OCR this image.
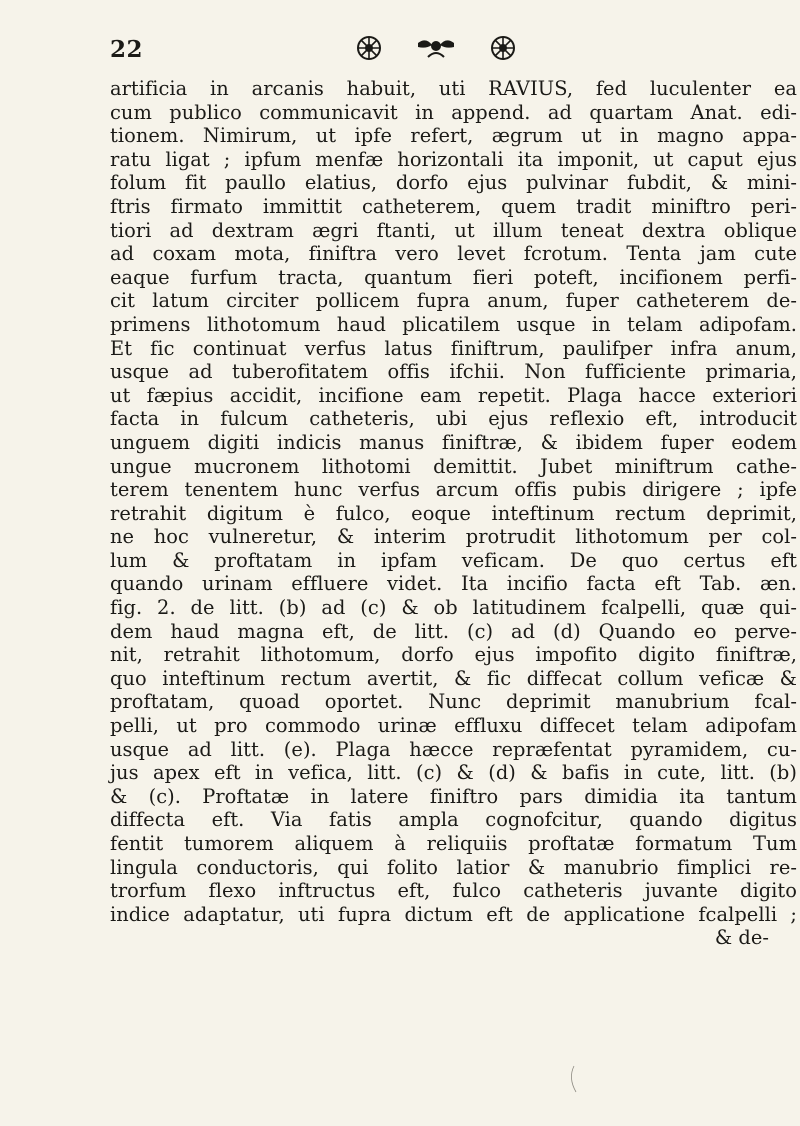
22
artificia in arcanis habuit, uti RAVIUS, fed luculenter ea
cum publico communicavit in append. ad quartam Anat. edi-
tionem. Nimirum, ut ipfe refert, ægrum ut in magno appa-
ratu ligat ; ipfum menfæ horizontali ita imponit, ut caput ejus
folum fit paullo elatius, dorfo ejus pulvinar fubdit, & mini-
ftris firmato immittit catheterem, quem tradit miniftro peri-
tiori ad dextram ægri ftanti, ut illum teneat dextra oblique
ad coxam mota, finiftra vero levet fcrotum. Tenta jam cute
eaque furfum tracta, quantum fieri poteft, incifionem perfi-
cit latum circiter pollicem fupra anum, fuper catheterem de-
primens lithotomum haud plicatilem usque in telam adipofam.
Et fic continuat verfus latus finiftrum, paulifper infra anum,
usque ad tuberofitatem offis ifchii. Non fufficiente primaria,
ut fæpius accidit, incifione eam repetit. Plaga hacce exteriori
facta in fulcum catheteris, ubi ejus reflexio eft, introducit
unguem digiti indicis manus finiftræ, & ibidem fuper eodem
ungue mucronem lithotomi demittit. Jubet miniftrum cathe-
terem tenentem hunc verfus arcum offis pubis dirigere ; ipfe
retrahit digitum è fulco, eoque inteftinum rectum deprimit,
ne hoc vulneretur, & interim protrudit lithotomum per col-
lum & proftatam in ipfam veficam. De quo certus eft
quando urinam effluere videt. Ita incifio facta eft Tab. æn.
fig. 2. de litt. (b) ad (c) & ob latitudinem fcalpelli, quæ qui-
dem haud magna eft, de litt. (c) ad (d) Quando eo perve-
nit, retrahit lithotomum, dorfo ejus impofito digito finiftræ,
quo inteftinum rectum avertit, & fic diffecat collum veficæ &
proftatam, quoad oportet. Nunc deprimit manubrium fcal-
pelli, ut pro commodo urinæ effluxu diffecet telam adipofam
usque ad litt. (e). Plaga hæcce repræfentat pyramidem, cu-
jus apex eft in vefica, litt. (c) & (d) & bafis in cute, litt. (b)
& (c). Proftatæ in latere finiftro pars dimidia ita tantum
diffecta eft. Via fatis ampla cognofcitur, quando digitus
fentit tumorem aliquem à reliquiis proftatæ formatum Tum
lingula conductoris, qui folito latior & manubrio fimplici re-
trorfum flexo inftructus eft, fulco catheteris juvante digito
indice adaptatur, uti fupra dictum eft de applicatione fcalpelli ;
& de-
